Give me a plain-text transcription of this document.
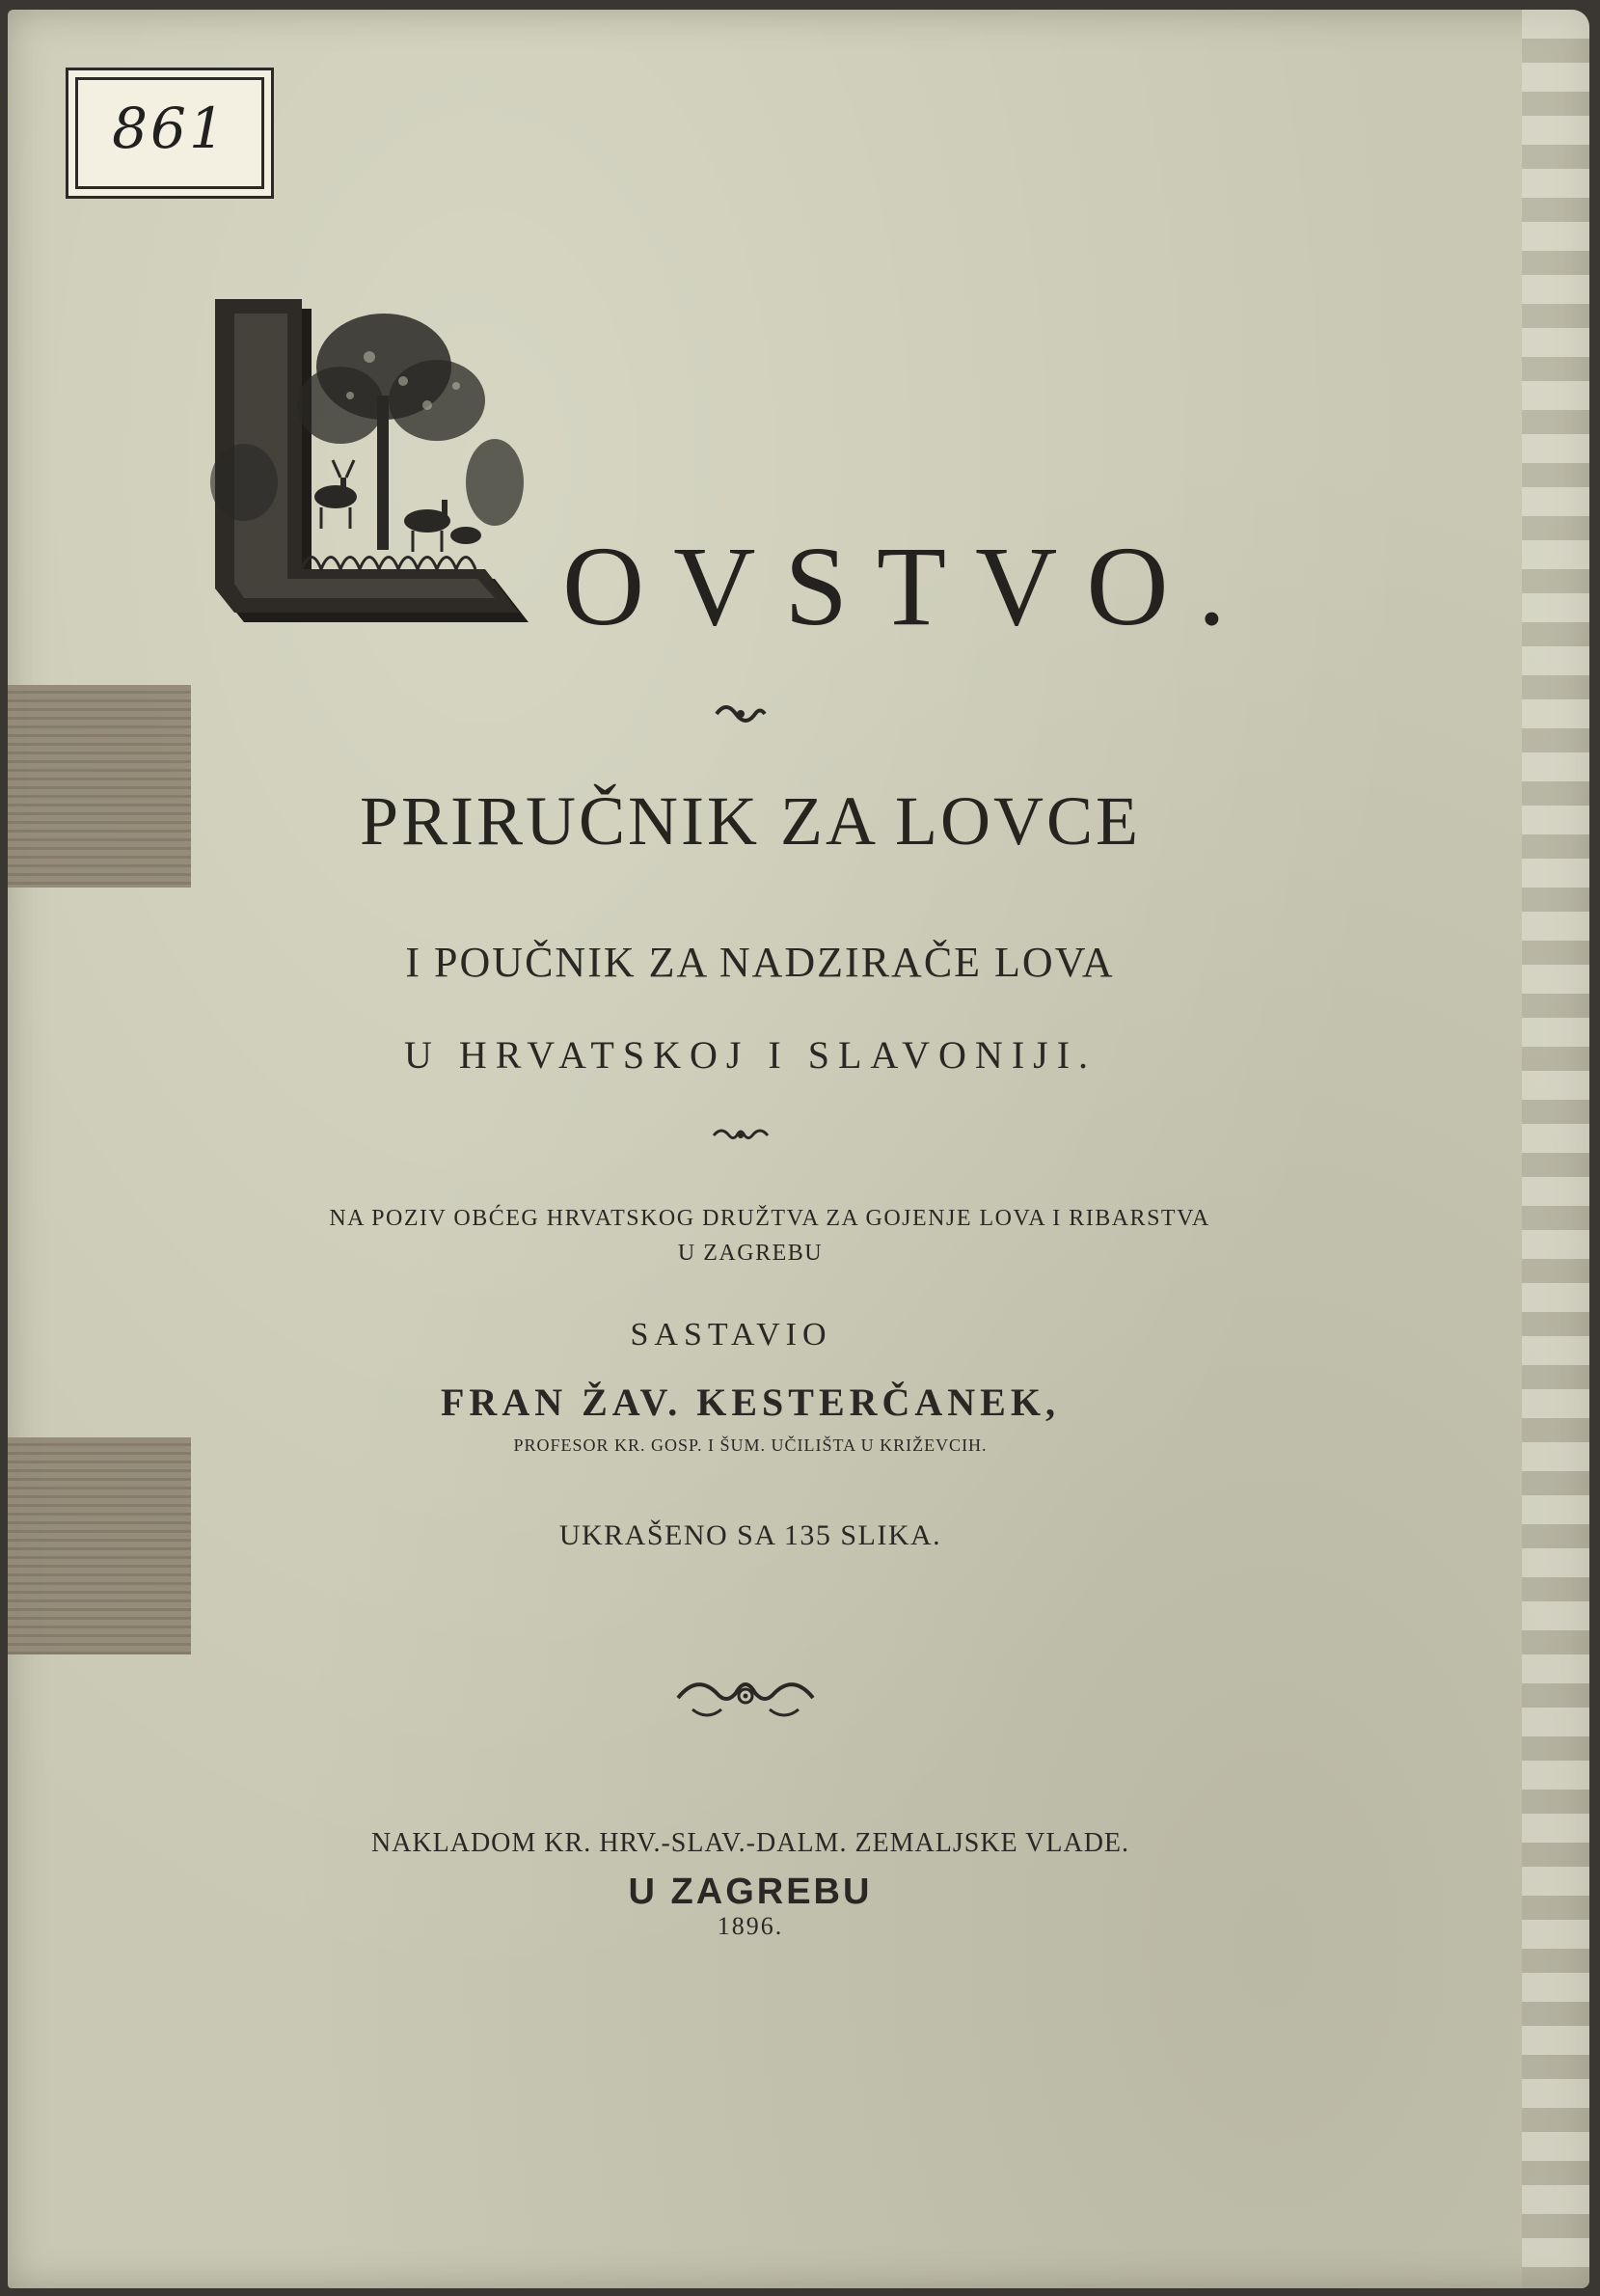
861
OVSTVO.
PRIRUČNIK ZA LOVCE
I POUČNIK ZA NADZIRAČE LOVA
U HRVATSKOJ I SLAVONIJI.
NA POZIV OBĆEG HRVATSKOG DRUŽTVA ZA GOJENJE LOVA I RIBARSTVA
U ZAGREBU
SASTAVIO
FRAN ŽAV. KESTERČANEK,
PROFESOR KR. GOSP. I ŠUM. UČILIŠTA U KRIŽEVCIH.
UKRAŠENO SA 135 SLIKA.
NAKLADOM KR. HRV.-SLAV.-DALM. ZEMALJSKE VLADE.
U ZAGREBU
1896.
